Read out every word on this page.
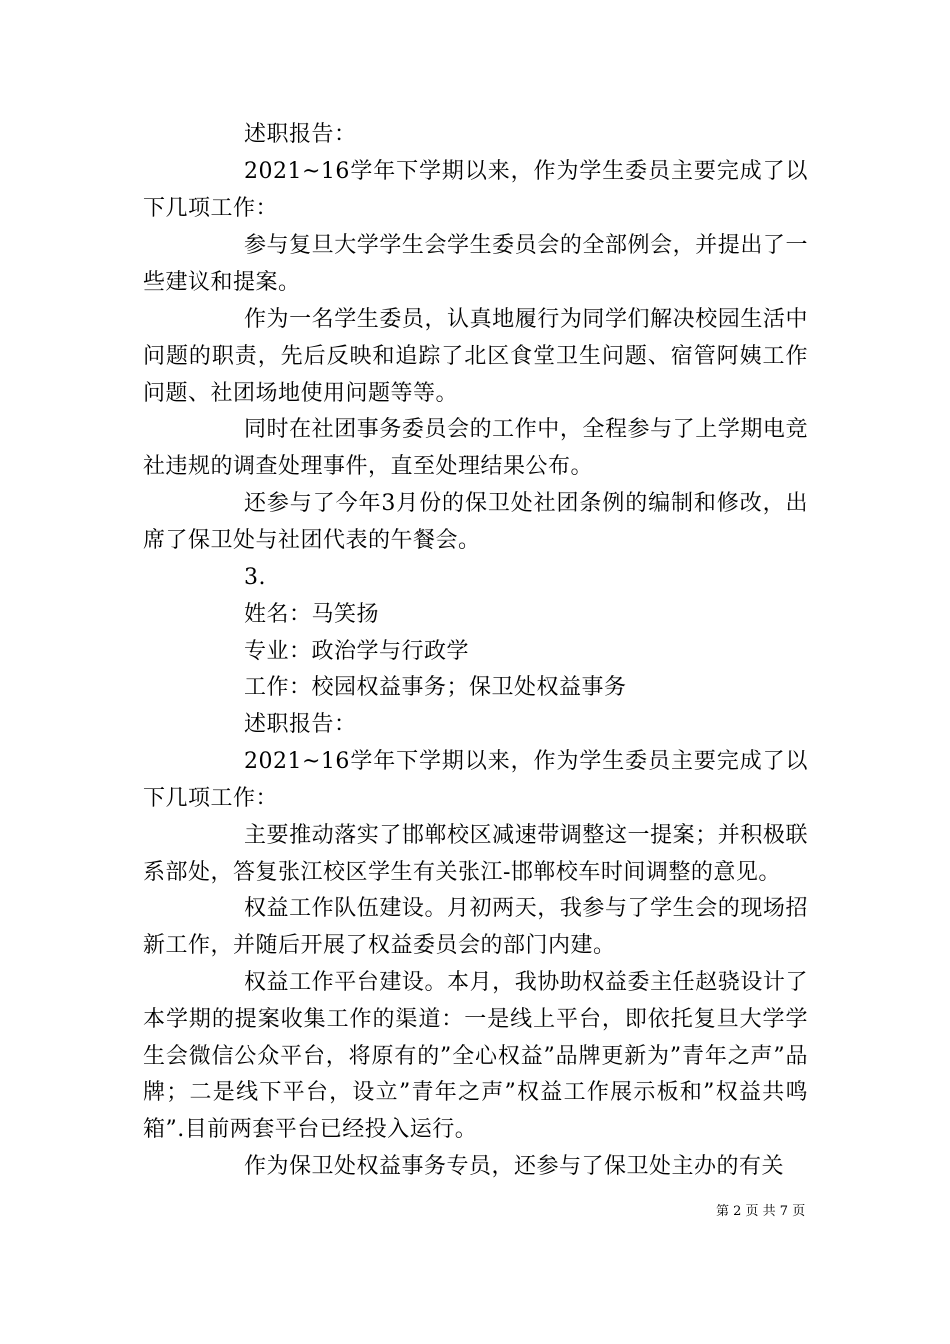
述职报告：

2021~16学年下学期以来，作为学生委员主要完成了以下几项工作：

参与复旦大学学生会学生委员会的全部例会，并提出了一些建议和提案。

作为一名学生委员，认真地履行为同学们解决校园生活中问题的职责，先后反映和追踪了北区食堂卫生问题、宿管阿姨工作问题、社团场地使用问题等等。

同时在社团事务委员会的工作中，全程参与了上学期电竞社违规的调查处理事件，直至处理结果公布。

还参与了今年3月份的保卫处社团条例的编制和修改，出席了保卫处与社团代表的午餐会。

3.

姓名：马笑扬

专业：政治学与行政学

工作：校园权益事务；保卫处权益事务

述职报告：

2021~16学年下学期以来，作为学生委员主要完成了以下几项工作：

主要推动落实了邯郸校区减速带调整这一提案；并积极联系部处，答复张江校区学生有关张江-邯郸校车时间调整的意见。

权益工作队伍建设。月初两天，我参与了学生会的现场招新工作，并随后开展了权益委员会的部门内建。

权益工作平台建设。本月，我协助权益委主任赵骁设计了本学期的提案收集工作的渠道：一是线上平台，即依托复旦大学学生会微信公众平台，将原有的”全心权益”品牌更新为”青年之声”品牌；二是线下平台，设立”青年之声”权益工作展示板和”权益共鸣箱”.目前两套平台已经投入运行。

作为保卫处权益事务专员，还参与了保卫处主办的有关

第 2 页 共 7 页
